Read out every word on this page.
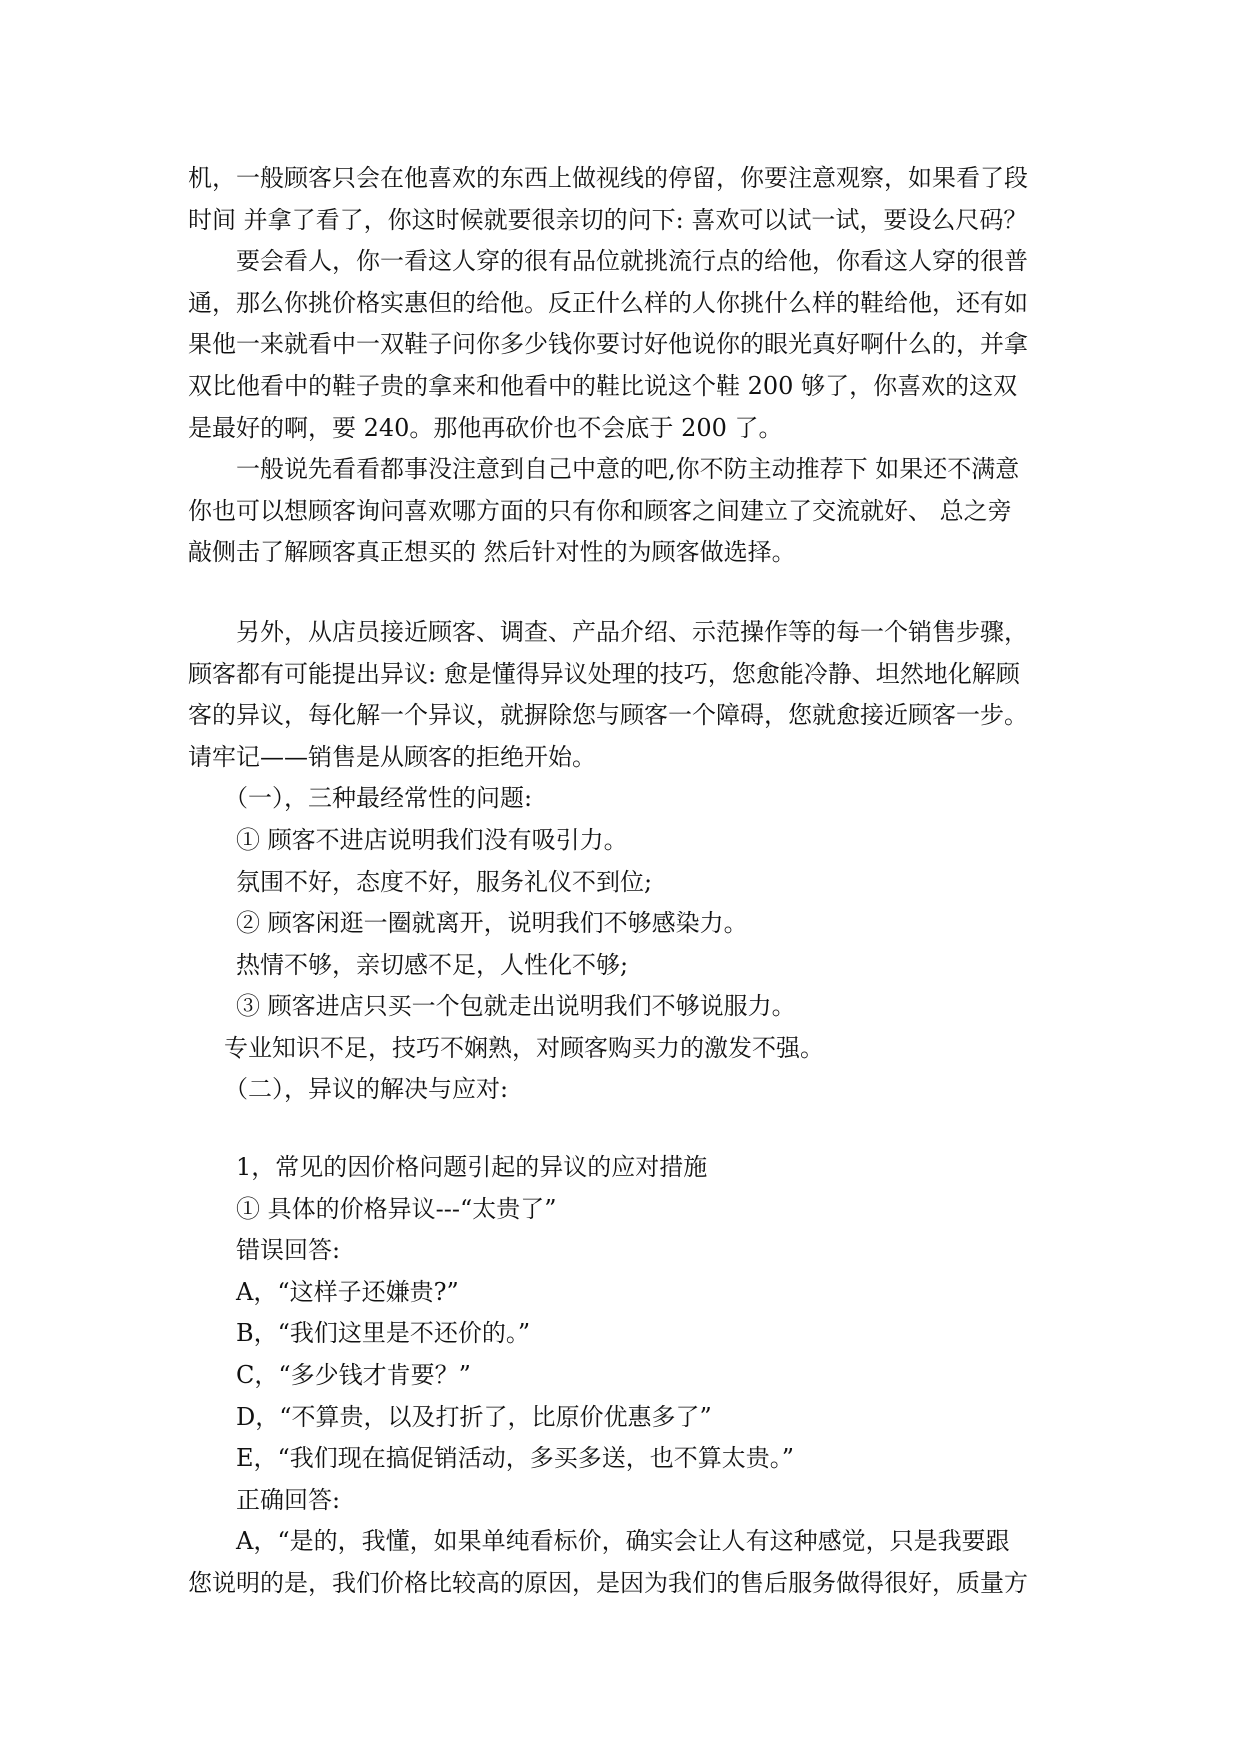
机，一般顾客只会在他喜欢的东西上做视线的停留，你要注意观察，如果看了段
时间 并拿了看了，你这时候就要很亲切的问下: 喜欢可以试一试，要设么尺码？
要会看人，你一看这人穿的很有品位就挑流行点的给他，你看这人穿的很普
通，那么你挑价格实惠但的给他。反正什么样的人你挑什么样的鞋给他，还有如
果他一来就看中一双鞋子问你多少钱你要讨好他说你的眼光真好啊什么的，并拿
双比他看中的鞋子贵的拿来和他看中的鞋比说这个鞋 200 够了，你喜欢的这双
是最好的啊，要 240。那他再砍价也不会底于 200 了。
一般说先看看都事没注意到自己中意的吧,你不防主动推荐下 如果还不满意
你也可以想顾客询问喜欢哪方面的只有你和顾客之间建立了交流就好、 总之旁
敲侧击了解顾客真正想买的 然后针对性的为顾客做选择。
另外，从店员接近顾客、调查、产品介绍、示范操作等的每一个销售步骤，
顾客都有可能提出异议: 愈是懂得异议处理的技巧，您愈能冷静、坦然地化解顾
客的异议，每化解一个异议，就摒除您与顾客一个障碍，您就愈接近顾客一步。
请牢记——销售是从顾客的拒绝开始。
（一），三种最经常性的问题:
① 顾客不进店说明我们没有吸引力。
氛围不好，态度不好，服务礼仪不到位;
② 顾客闲逛一圈就离开，说明我们不够感染力。
热情不够，亲切感不足，人性化不够;
③ 顾客进店只买一个包就走出说明我们不够说服力。
专业知识不足，技巧不娴熟，对顾客购买力的激发不强。
（二），异议的解决与应对:
1，常见的因价格问题引起的异议的应对措施
① 具体的价格异议---“太贵了”
错误回答:
A，“这样子还嫌贵?”
B，“我们这里是不还价的。”
C，“多少钱才肯要？”
D，“不算贵，以及打折了，比原价优惠多了”
E，“我们现在搞促销活动，多买多送，也不算太贵。”
正确回答:
A，“是的，我懂，如果单纯看标价，确实会让人有这种感觉，只是我要跟
您说明的是，我们价格比较高的原因，是因为我们的售后服务做得很好，质量方
